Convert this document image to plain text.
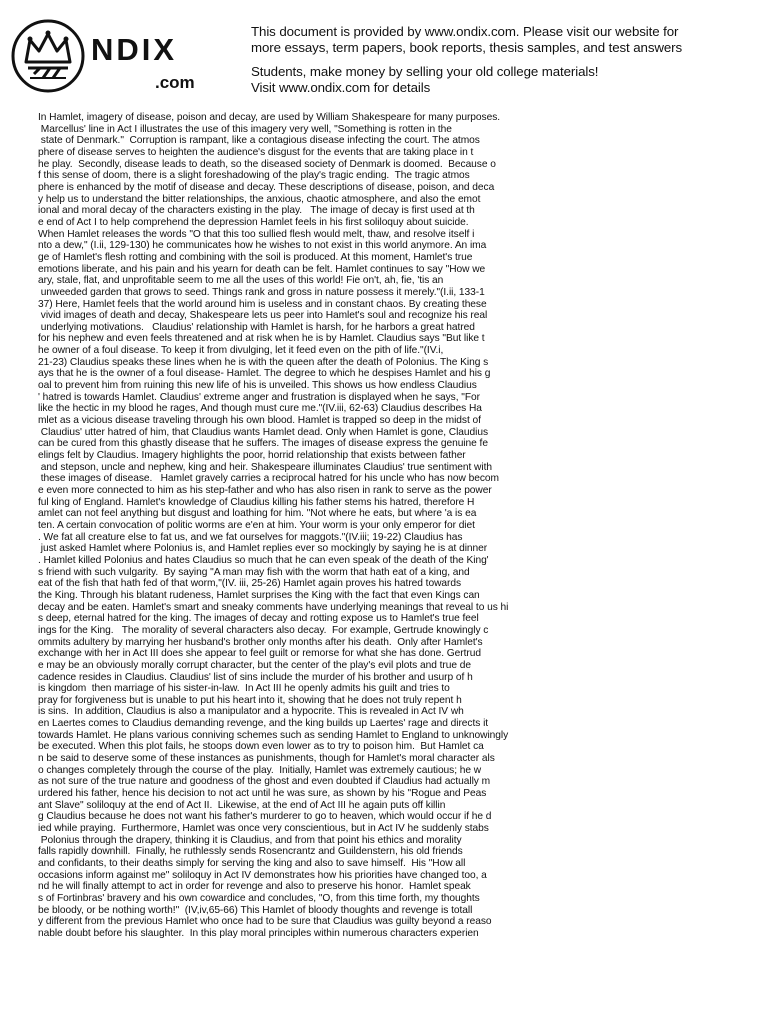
NDIX
.com
This document is provided by www.ondix.com. Please visit our website for
more essays, term papers, book reports, thesis samples, and test answers
Students, make money by selling your old college materials!
Visit www.ondix.com for details
In Hamlet, imagery of disease, poison and decay, are used by William Shakespeare for many purposes.
Marcellus' line in Act I illustrates the use of this imagery very well, "Something is rotten in the
state of Denmark."  Corruption is rampant, like a contagious disease infecting the court. The atmos
phere of disease serves to heighten the audience's disgust for the events that are taking place in t
he play.  Secondly, disease leads to death, so the diseased society of Denmark is doomed.  Because o
f this sense of doom, there is a slight foreshadowing of the play's tragic ending.  The tragic atmos
phere is enhanced by the motif of disease and decay. These descriptions of disease, poison, and deca
y help us to understand the bitter relationships, the anxious, chaotic atmosphere, and also the emot
ional and moral decay of the characters existing in the play.   The image of decay is first used at th
e end of Act I to help comprehend the depression Hamlet feels in his first soliloquy about suicide.
When Hamlet releases the words "O that this too sullied flesh would melt, thaw, and resolve itself i
nto a dew," (I.ii, 129-130) he communicates how he wishes to not exist in this world anymore. An ima
ge of Hamlet's flesh rotting and combining with the soil is produced. At this moment, Hamlet's true
emotions liberate, and his pain and his yearn for death can be felt. Hamlet continues to say "How we
ary, stale, flat, and unprofitable seem to me all the uses of this world! Fie on't, ah, fie, 'tis an
unweeded garden that grows to seed. Things rank and gross in nature possess it merely."(I.ii, 133-1
37) Here, Hamlet feels that the world around him is useless and in constant chaos. By creating these
vivid images of death and decay, Shakespeare lets us peer into Hamlet's soul and recognize his real
underlying motivations.   Claudius' relationship with Hamlet is harsh, for he harbors a great hatred
for his nephew and even feels threatened and at risk when he is by Hamlet. Claudius says "But like t
he owner of a foul disease. To keep it from divulging, let it feed even on the pith of life."(IV.i,
21-23) Claudius speaks these lines when he is with the queen after the death of Polonius. The King s
ays that he is the owner of a foul disease- Hamlet. The degree to which he despises Hamlet and his g
oal to prevent him from ruining this new life of his is unveiled. This shows us how endless Claudius
' hatred is towards Hamlet. Claudius' extreme anger and frustration is displayed when he says, "For
like the hectic in my blood he rages, And though must cure me."(IV.iii, 62-63) Claudius describes Ha
mlet as a vicious disease traveling through his own blood. Hamlet is trapped so deep in the midst of
Claudius' utter hatred of him, that Claudius wants Hamlet dead. Only when Hamlet is gone, Claudius
can be cured from this ghastly disease that he suffers. The images of disease express the genuine fe
elings felt by Claudius. Imagery highlights the poor, horrid relationship that exists between father
and stepson, uncle and nephew, king and heir. Shakespeare illuminates Claudius' true sentiment with
these images of disease.   Hamlet gravely carries a reciprocal hatred for his uncle who has now becom
e even more connected to him as his step-father and who has also risen in rank to serve as the power
ful king of England. Hamlet's knowledge of Claudius killing his father stems his hatred, therefore H
amlet can not feel anything but disgust and loathing for him. "Not where he eats, but where 'a is ea
ten. A certain convocation of politic worms are e'en at him. Your worm is your only emperor for diet
. We fat all creature else to fat us, and we fat ourselves for maggots."(IV.iii; 19-22) Claudius has
just asked Hamlet where Polonius is, and Hamlet replies ever so mockingly by saying he is at dinner
. Hamlet killed Polonius and hates Claudius so much that he can even speak of the death of the King'
s friend with such vulgarity.  By saying "A man may fish with the worm that hath eat of a king, and
eat of the fish that hath fed of that worm,"(IV. iii, 25-26) Hamlet again proves his hatred towards
the King. Through his blatant rudeness, Hamlet surprises the King with the fact that even Kings can
decay and be eaten. Hamlet's smart and sneaky comments have underlying meanings that reveal to us hi
s deep, eternal hatred for the king. The images of decay and rotting expose us to Hamlet's true feel
ings for the King.   The morality of several characters also decay.  For example, Gertrude knowingly c
ommits adultery by marrying her husband's brother only months after his death.  Only after Hamlet's
exchange with her in Act III does she appear to feel guilt or remorse for what she has done. Gertrud
e may be an obviously morally corrupt character, but the center of the play's evil plots and true de
cadence resides in Claudius. Claudius' list of sins include the murder of his brother and usurp of h
is kingdom  then marriage of his sister-in-law.  In Act III he openly admits his guilt and tries to
pray for forgiveness but is unable to put his heart into it, showing that he does not truly repent h
is sins.  In addition, Claudius is also a manipulator and a hypocrite. This is revealed in Act IV wh
en Laertes comes to Claudius demanding revenge, and the king builds up Laertes' rage and directs it
towards Hamlet. He plans various conniving schemes such as sending Hamlet to England to unknowingly
be executed. When this plot fails, he stoops down even lower as to try to poison him.  But Hamlet ca
n be said to deserve some of these instances as punishments, though for Hamlet's moral character als
o changes completely through the course of the play.  Initially, Hamlet was extremely cautious; he w
as not sure of the true nature and goodness of the ghost and even doubted if Claudius had actually m
urdered his father, hence his decision to not act until he was sure, as shown by his "Rogue and Peas
ant Slave" soliloquy at the end of Act II.  Likewise, at the end of Act III he again puts off killin
g Claudius because he does not want his father's murderer to go to heaven, which would occur if he d
ied while praying.  Furthermore, Hamlet was once very conscientious, but in Act IV he suddenly stabs
Polonius through the drapery, thinking it is Claudius, and from that point his ethics and morality
falls rapidly downhill.  Finally, he ruthlessly sends Rosencrantz and Guildenstern, his old friends
and confidants, to their deaths simply for serving the king and also to save himself.  His "How all
occasions inform against me" soliloquy in Act IV demonstrates how his priorities have changed too, a
nd he will finally attempt to act in order for revenge and also to preserve his honor.  Hamlet speak
s of Fortinbras' bravery and his own cowardice and concludes, "O, from this time forth, my thoughts
be bloody, or be nothing worth!"  (IV,iv,65-66) This Hamlet of bloody thoughts and revenge is totall
y different from the previous Hamlet who once had to be sure that Claudius was guilty beyond a reaso
nable doubt before his slaughter.  In this play moral principles within numerous characters experien
